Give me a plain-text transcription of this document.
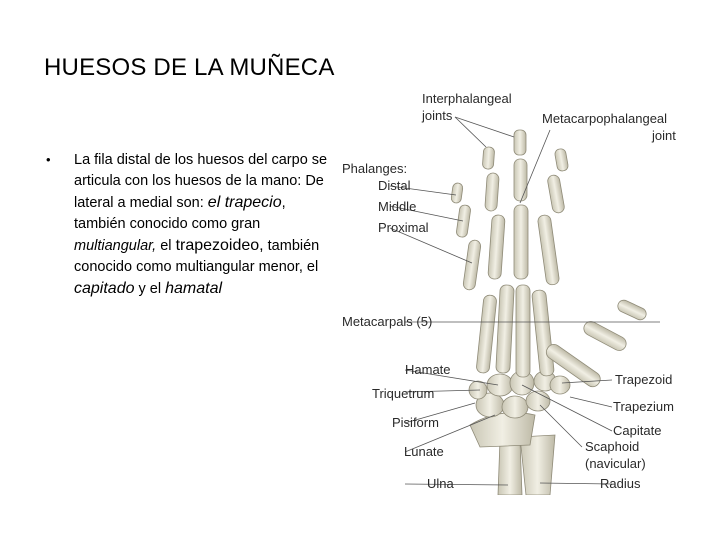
HUESOS DE LA MUÑECA
• La fila distal de los huesos del carpo se articula con los huesos de la mano: De lateral a medial son: el trapecio, también conocido como gran multiangular, el trapezoideo, también conocido como multiangular menor, el capitado y el hamatal
Interphalangeal
joints	Metacarpophalangeal
joint
Phalanges:
Distal
Middle
Proximal
Metacarpals (5)
Hamate
Triquetrum
Pisiform
Lunate
Ulna
Trapezoid
Trapezium
Capitate
Scaphoid
(navicular)
Radius
